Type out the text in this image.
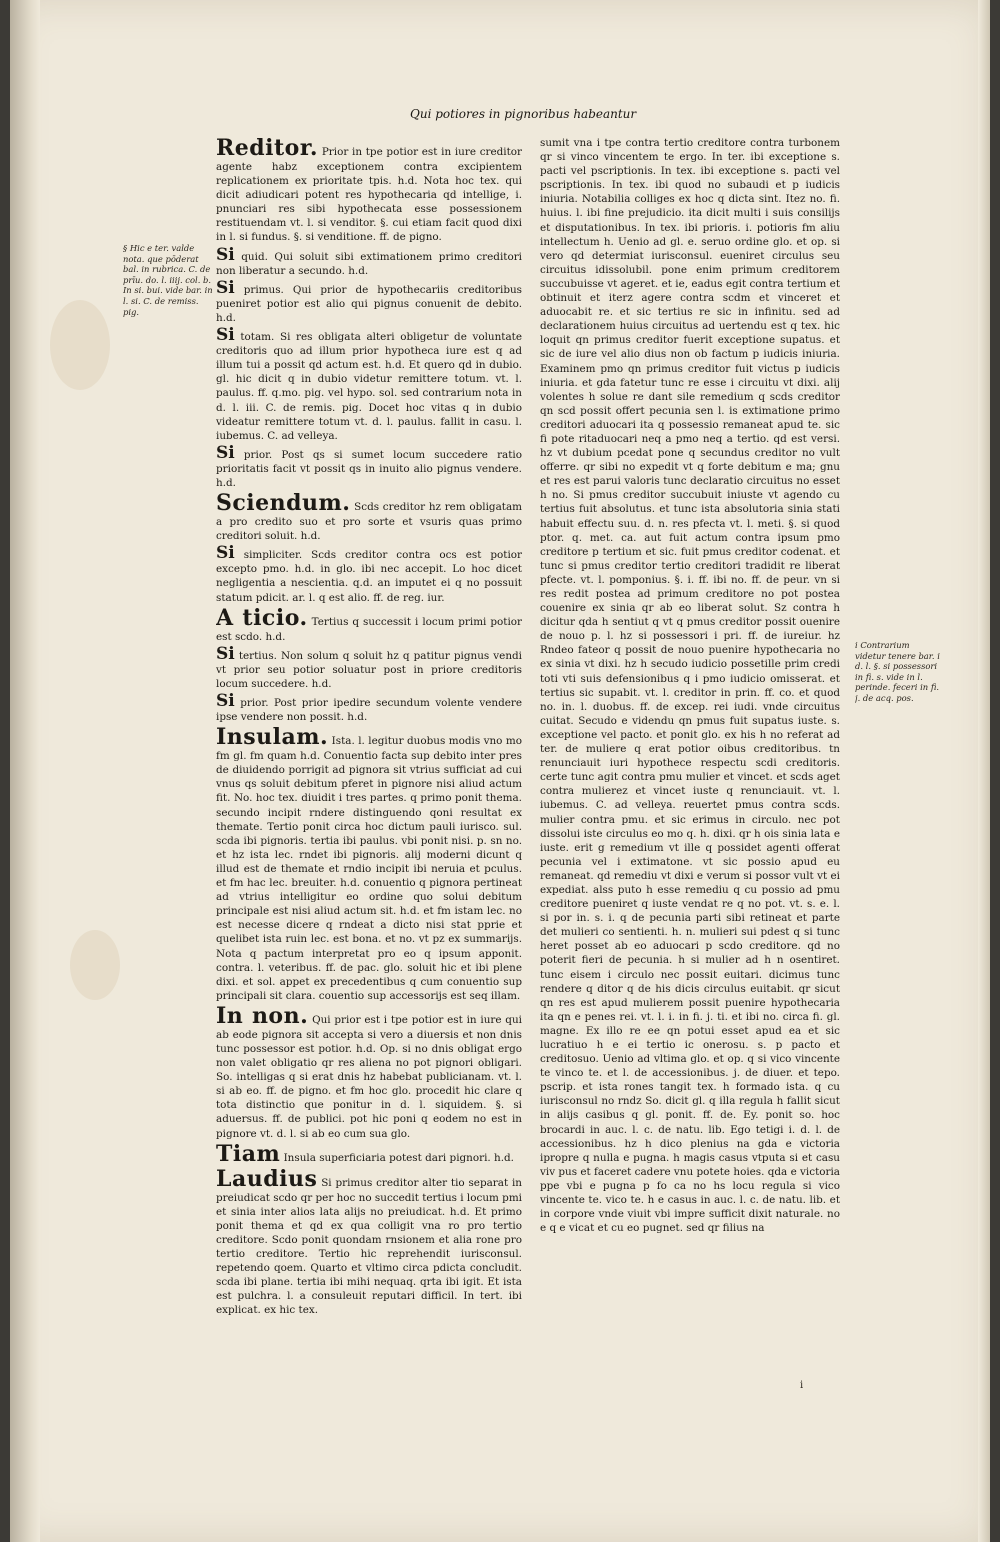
Qui potiores in pignoribus habeantur
§ Hic e ter. valde nota. que pōderat bal. in rubrica. C. de prīu. do. l. iiij. col. b. In si. bui. vide bar. in l. si. C. de remiss. pig.

Reditor. Prior in tpe potior est in iure creditor agente habz exceptionem contra excipientem replicationem ex prioritate tpis. h.d. Nota hoc tex. qui dicit adiudicari potent res hypothecaria qd intellige, i. pnunciari res sibi hypothecata esse possessionem restituendam vt. l. si venditor. §. cui etiam facit quod dixi in l. si fundus. §. si venditione. ff. de pigno.

Si quid. Qui soluit sibi extimationem primo creditori non liberatur a secundo. h.d.

Si primus. Qui prior de hypothecariis creditoribus pueniret potior est alio qui pignus conuenit de debito. h.d.

Si totam. Si res obligata alteri obligetur de voluntate creditoris quo ad illum prior hypotheca iure est q ad illum tui a possit qd actum est. h.d. Et quero qd in dubio. gl. hic dicit q in dubio videtur remittere totum. vt. l. paulus. ff. q.mo. pig. vel hypo. sol. sed contrarium nota in d. l. iii. C. de remis. pig. Docet hoc vitas q in dubio videatur remittere totum vt. d. l. paulus. fallit in casu. l. iubemus. C. ad velleya.

Si prior. Post qs si sumet locum succedere ratio prioritatis facit vt possit qs in inuito alio pignus vendere. h.d.

Sciendum. Scds creditor hz rem obligatam a pro credito suo et pro sorte et vsuris quas primo creditori soluit. h.d.

Si simpliciter. Scds creditor contra ocs est potior excepto pmo. h.d. in glo. ibi nec accepit. Lo hoc dicet negligentia a nescientia. q.d. an imputet ei q no possuit statum pdicit. ar. l. q est alio. ff. de reg. iur.

A ticio. Tertius q successit i locum primi potior est scdo. h.d.

Si tertius. Non solum q soluit hz q patitur pignus vendi vt prior seu potior soluatur post in priore creditoris locum succedere. h.d.

Si prior. Post prior ipedire secundum volente vendere ipse vendere non possit. h.d.

Insulam. Ista. l. legitur duobus modis vno mo fm gl. fm quam h.d. Conuentio facta sup debito inter pres de diuidendo porrigit ad pignora sit vtrius sufficiat ad cui vnus qs soluit debitum pferet in pignore nisi aliud actum fit. No. hoc tex. diuidit i tres partes. q primo ponit thema. secundo incipit rndere distinguendo qoni resultat ex themate. Tertio ponit circa hoc dictum pauli iurisco. sul. scda ibi pignoris. tertia ibi paulus. vbi ponit nisi. p. sn no. et hz ista lec. rndet ibi pignoris. alij moderni dicunt q illud est de themate et rndio incipit ibi neruia et pculus. et fm hac lec. breuiter. h.d. conuentio q pignora pertineat ad vtrius intelligitur eo ordine quo solui debitum principale est nisi aliud actum sit. h.d. et fm istam lec. no est necesse dicere q rndeat a dicto nisi stat pprie et quelibet ista ruin lec. est bona. et no. vt pz ex summarijs. Nota q pactum interpretat pro eo q ipsum apponit. contra. l. veteribus. ff. de pac. glo. soluit hic et ibi plene dixi. et sol. appet ex precedentibus q cum conuentio sup principali sit clara. couentio sup accessorijs est seq illam.

In non. Qui prior est i tpe potior est in iure qui ab eode pignora sit accepta si vero a diuersis et non dnis tunc possessor est potior. h.d. Op. si no dnis obligat ergo non valet obligatio qr res aliena no pot pignori obligari. So. intelligas q si erat dnis hz habebat publicianam. vt. l. si ab eo. ff. de pigno. et fm hoc glo. procedit hic clare q tota distinctio que ponitur in d. l. siquidem. §. si aduersus. ff. de publici. pot hic poni q eodem no est in pignore vt. d. l. si ab eo cum sua glo.

Tiam Insula superficiaria potest dari pignori. h.d.

Laudius Si primus creditor alter tio separat in preiudicat scdo qr per hoc no succedit tertius i locum pmi et sinia inter alios lata alijs no preiudicat. h.d. Et primo ponit thema et qd ex qua colligit vna ro pro tertio creditore. Scdo ponit quondam rnsionem et alia rone pro tertio creditore. Tertio hic reprehendit iurisconsul. repetendo qoem. Quarto et vltimo circa pdicta concludit. scda ibi plane. tertia ibi mihi nequaq. qrta ibi igit. Et ista est pulchra. l. a consuleuit reputari difficil. In tert. ibi explicat. ex hic tex.

sumit vna i tpe contra tertio creditore contra turbonem qr si vinco vincentem te ergo. In ter. ibi exceptione s. pacti vel pscriptionis. In tex. ibi exceptione s. pacti vel pscriptionis. In tex. ibi quod no subaudi et p iudicis iniuria. Notabilia colliges ex hoc q dicta sint. Itez no. fi. huius. l. ibi fine prejudicio. ita dicit multi i suis consilijs et disputationibus. In tex. ibi prioris. i. potioris fm aliu intellectum h. Uenio ad gl. e. seruo ordine glo. et op. si vero qd determiat iurisconsul. eueniret circulus seu circuitus idissolubil. pone enim primum creditorem succubuisse vt ageret. et ie, eadus egit contra tertium et obtinuit et iterz agere contra scdm et vinceret et aduocabit re. et sic tertius re sic in infinitu. sed ad declarationem huius circuitus ad uertendu est q tex. hic loquit qn primus creditor fuerit exceptione supatus. et sic de iure vel alio dius non ob factum p iudicis iniuria. Examinem pmo qn primus creditor fuit victus p iudicis iniuria. et gda fatetur tunc re esse i circuitu vt dixi. alij volentes h solue re dant sile remedium q scds creditor qn scd possit offert pecunia sen l. is extimatione primo creditori aduocari ita q possessio remaneat apud te. sic fi pote ritaduocari neq a pmo neq a tertio. qd est versi. hz vt dubium pcedat pone q secundus creditor no vult offerre. qr sibi no expedit vt q forte debitum e ma; gnu et res est parui valoris tunc declaratio circuitus no esset h no. Si pmus creditor succubuit iniuste vt agendo cu tertius fuit absolutus. et tunc ista absolutoria sinia stati habuit effectu suu. d. n. res pfecta vt. l. meti. §. si quod ptor. q. met. ca. aut fuit actum contra ipsum pmo creditore p tertium et sic. fuit pmus creditor codenat. et tunc si pmus creditor tertio creditori tradidit re liberat pfecte. vt. l. pomponius. §. i. ff. ibi no. ff. de peur. vn si res redit postea ad primum creditore no pot postea couenire ex sinia qr ab eo liberat solut. Sz contra h dicitur qda h sentiut q vt q pmus creditor possit ouenire de nouo p. l. hz si possessori i pri. ff. de iureiur. hz Rndeo fateor q possit de nouo puenire hypothecaria no ex sinia vt dixi. hz h secudo iudicio possetille prim credi toti vti suis defensionibus q i pmo iudicio omisserat. et tertius sic supabit. vt. l. creditor in prin. ff. co. et quod no. in. l. duobus. ff. de excep. rei iudi. vnde circuitus cuitat. Secudo e videndu qn pmus fuit supatus iuste. s. exceptione vel pacto. et ponit glo. ex his h no referat ad ter. de muliere q erat potior oibus creditoribus. tn renunciauit iuri hypothece respectu scdi creditoris. certe tunc agit contra pmu mulier et vincet. et scds aget contra mulierez et vincet iuste q renunciauit. vt. l. iubemus. C. ad velleya. reuertet pmus contra scds. mulier contra pmu. et sic erimus in circulo. nec pot dissolui iste circulus eo mo q. h. dixi. qr h ois sinia lata e iuste. erit g remedium vt ille q possidet agenti offerat pecunia vel i extimatone. vt sic possio apud eu remaneat. qd remediu vt dixi e verum si possor vult vt ei expediat. alss puto h esse remediu q cu possio ad pmu creditore pueniret q iuste vendat re q no pot. vt. s. e. l. si por in. s. i. q de pecunia parti sibi retineat et parte det mulieri co sentienti. h. n. mulieri sui pdest q si tunc heret posset ab eo aduocari p scdo creditore. qd no poterit fieri de pecunia. h si mulier ad h n osentiret. tunc eisem i circulo nec possit euitari. dicimus tunc rendere q ditor q de his dicis circulus euitabit. qr sicut qn res est apud mulierem possit puenire hypothecaria ita qn e penes rei. vt. l. i. in fi. j. ti. et ibi no. circa fi. gl. magne. Ex illo re ee qn potui esset apud ea et sic lucratiuo h e ei tertio ic onerosu. s. p pacto et creditosuo. Uenio ad vltima glo. et op. q si vico vincente te vinco te. et l. de accessionibus. j. de diuer. et tepo. pscrip. et ista rones tangit tex. h formado ista. q cu iurisconsul no rndz So. dicit gl. q illa regula h fallit sicut in alijs casibus q gl. ponit. ff. de. Ey. ponit so. hoc brocardi in auc. l. c. de natu. lib. Ego tetigi i. d. l. de accessionibus. hz h dico plenius na gda e victoria ipropre q nulla e pugna. h magis casus vtputa si et casu viv pus et faceret cadere vnu potete hoies. qda e victoria ppe vbi e pugna p fo ca no hs locu regula si vico vincente te. vico te. h e casus in auc. l. c. de natu. lib. et in corpore vnde viuit vbi impre sufficit dixit naturale. no e q e vicat et cu eo pugnet. sed qr filius na

i Contrarium videtur tenere bar. i d. l. §. si possessori in fi. s. vide in l. perinde. feceri in fi. j. de acq. pos.
i
